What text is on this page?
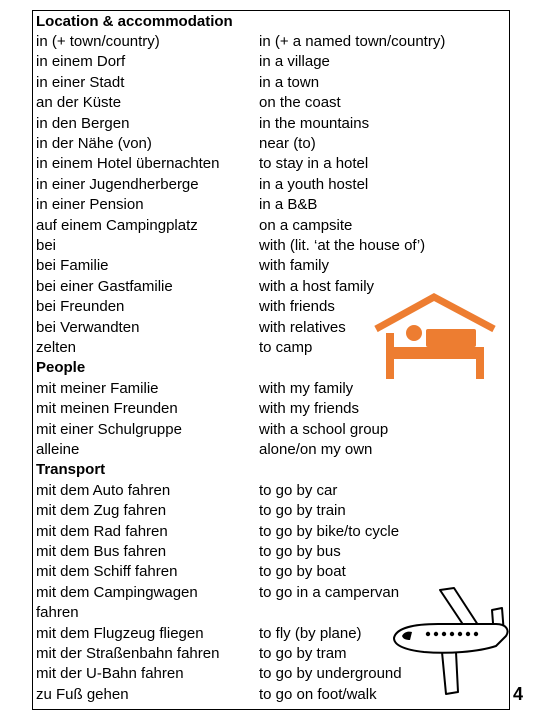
Location & accommodation
in (+ town/country)	in (+ a named town/country)
in einem Dorf	in a village
in einer Stadt	in a town
an der Küste	on the coast
in den Bergen	in the mountains
in der Nähe (von)	near (to)
in einem Hotel übernachten	to stay in a hotel
in einer Jugendherberge	in a youth hostel
in einer Pension	in a B&B
auf einem Campingplatz	on a campsite
bei	with (lit. ‘at the house of’)
bei Familie	with family
bei einer Gastfamilie	with a host family
bei Freunden	with friends
bei Verwandten	with relatives
zelten	to camp
People
mit meiner Familie	with my family
mit meinen Freunden	with my friends
mit einer Schulgruppe	with a school group
alleine	alone/on my own
Transport
mit dem Auto fahren	to go by car
mit dem Zug fahren	to go by train
mit dem Rad fahren	to go by bike/to cycle
mit dem Bus fahren	to go by bus
mit dem Schiff fahren	to go by boat
mit dem Campingwagen	to go in a campervan
fahren
mit dem Flugzeug fliegen	to fly (by plane)
mit der Straßenbahn fahren	to go by tram
mit der U-Bahn fahren	to go by underground
zu Fuß gehen	to go on foot/walk	4
